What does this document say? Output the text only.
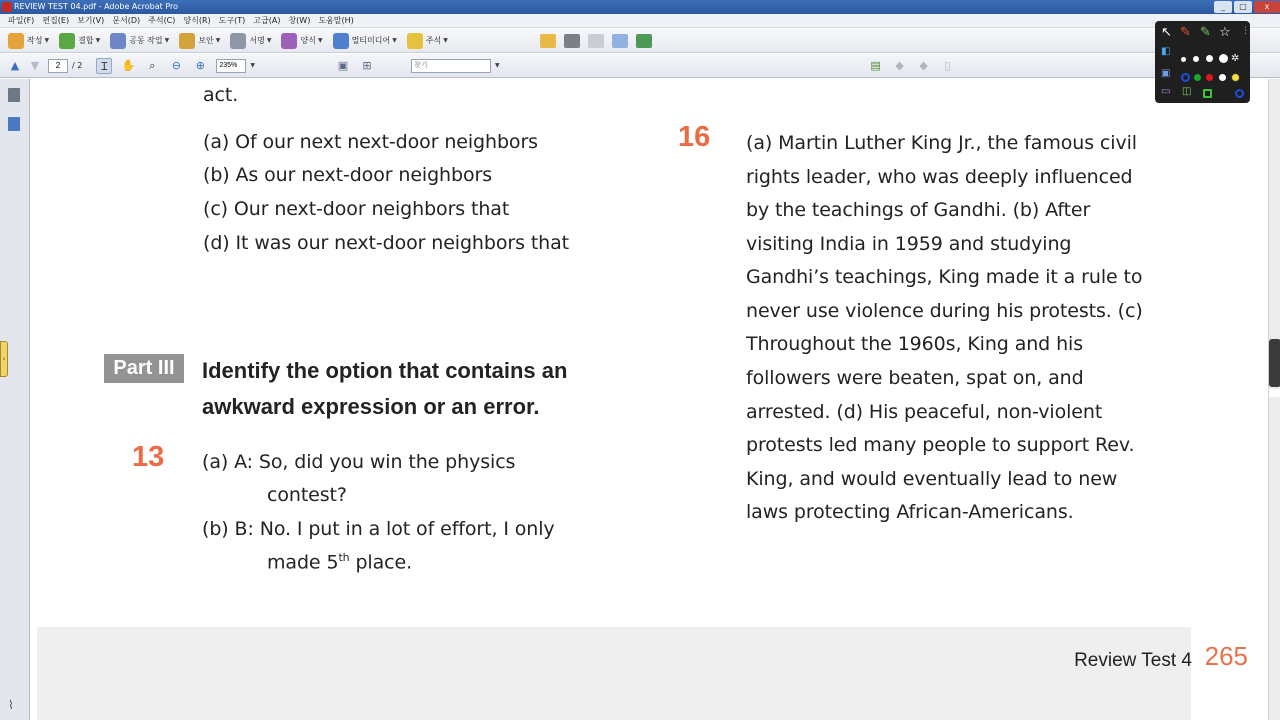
REVIEW TEST 04.pdf - Adobe Acrobat Pro	_	□	x
파일(F)	편집(E)	보기(V)	문서(D)	주석(C)	양식(R)	도구(T)	고급(A)	창(W)	도움말(H)
작성 ▼	결합 ▼	공동 작업 ▼	보안 ▼	서명 ▼	양식 ▼	멀티미디어 ▼	주석 ▼
▲ ▼
2	/ 2	Ɪ	✋	⌕	⊖	⊕
235%	▼	▣	⊞
찾기	▼	▤	◆	◆	▯
⌇
›
act.
(a) Of our next next-door neighbors
(b) As our next-door neighbors
(c) Our next-door neighbors that
(d) It was our next-door neighbors that
Part III	Identify the option that contains an
awkward expression or an error.
13 (a) A: So, did you win the physics
contest?
(b) B: No. I put in a lot of effort, I only
made 5th place.
16 (a) Martin Luther King Jr., the famous civil
rights leader, who was deeply influenced
by the teachings of Gandhi. (b) After
visiting India in 1959 and studying
Gandhi’s teachings, King made it a rule to
never use violence during his protests. (c)
Throughout the 1960s, King and his
followers were beaten, spat on, and
arrested. (d) His peaceful, non-violent
protests led many people to support Rev.
King, and would eventually lead to new
laws protecting African-Americans.
Review Test 4 265
↖ ✎ ✎ ☆ ⋮
◧
✲
▣
▭ ◫
